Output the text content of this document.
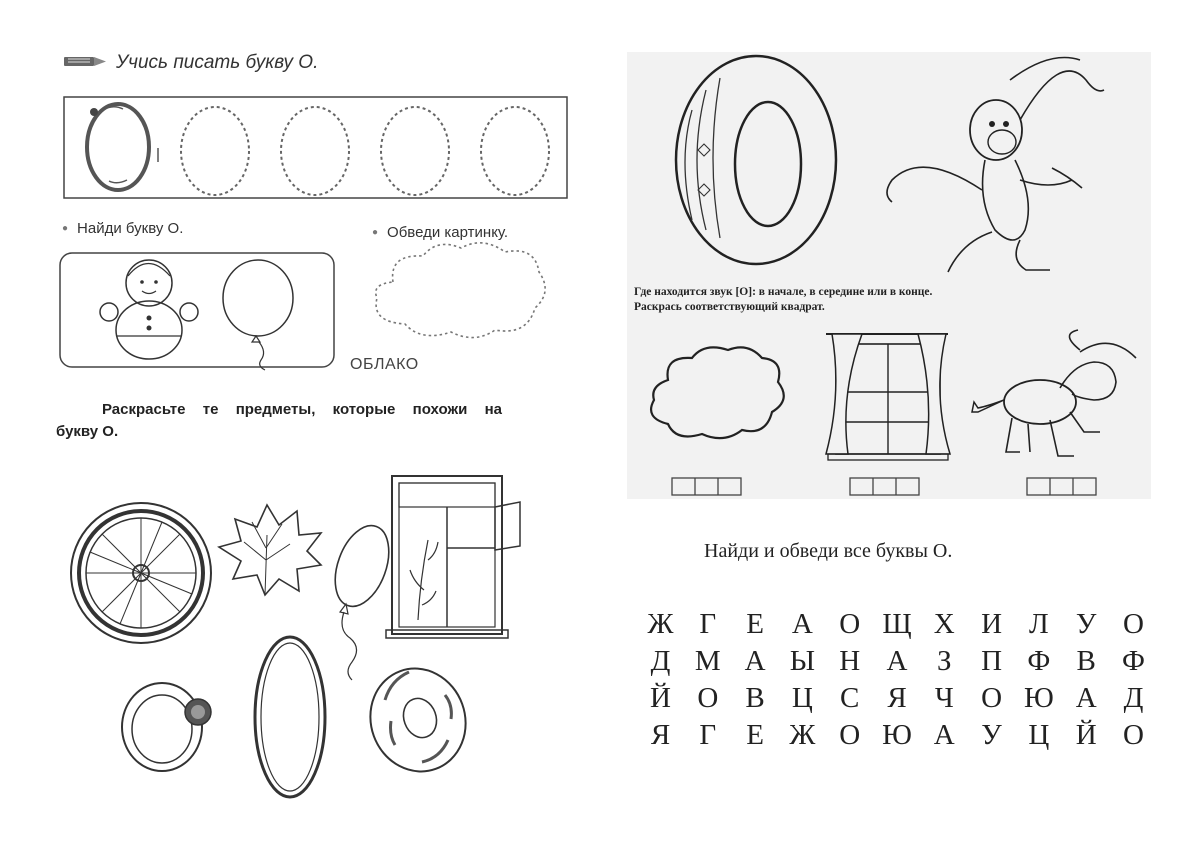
Учись писать букву О.
● Найди букву О.
●	Обведи картинку.
ОБЛАКО
Раскрасьте те предметы, которые похожи на
букву О.
Где находится звук [О]: в начале, в середине или в конце.
Раскрась соответствующий квадрат.
Найди и обведи все буквы О.
Ж Г	Е А О Щ Х И Л У О
Д М А Ы Н А	З	П Ф В Ф
Й О В Ц С Я Ч О Ю А Д
Я	Г	Е Ж О Ю А У Ц Й О
